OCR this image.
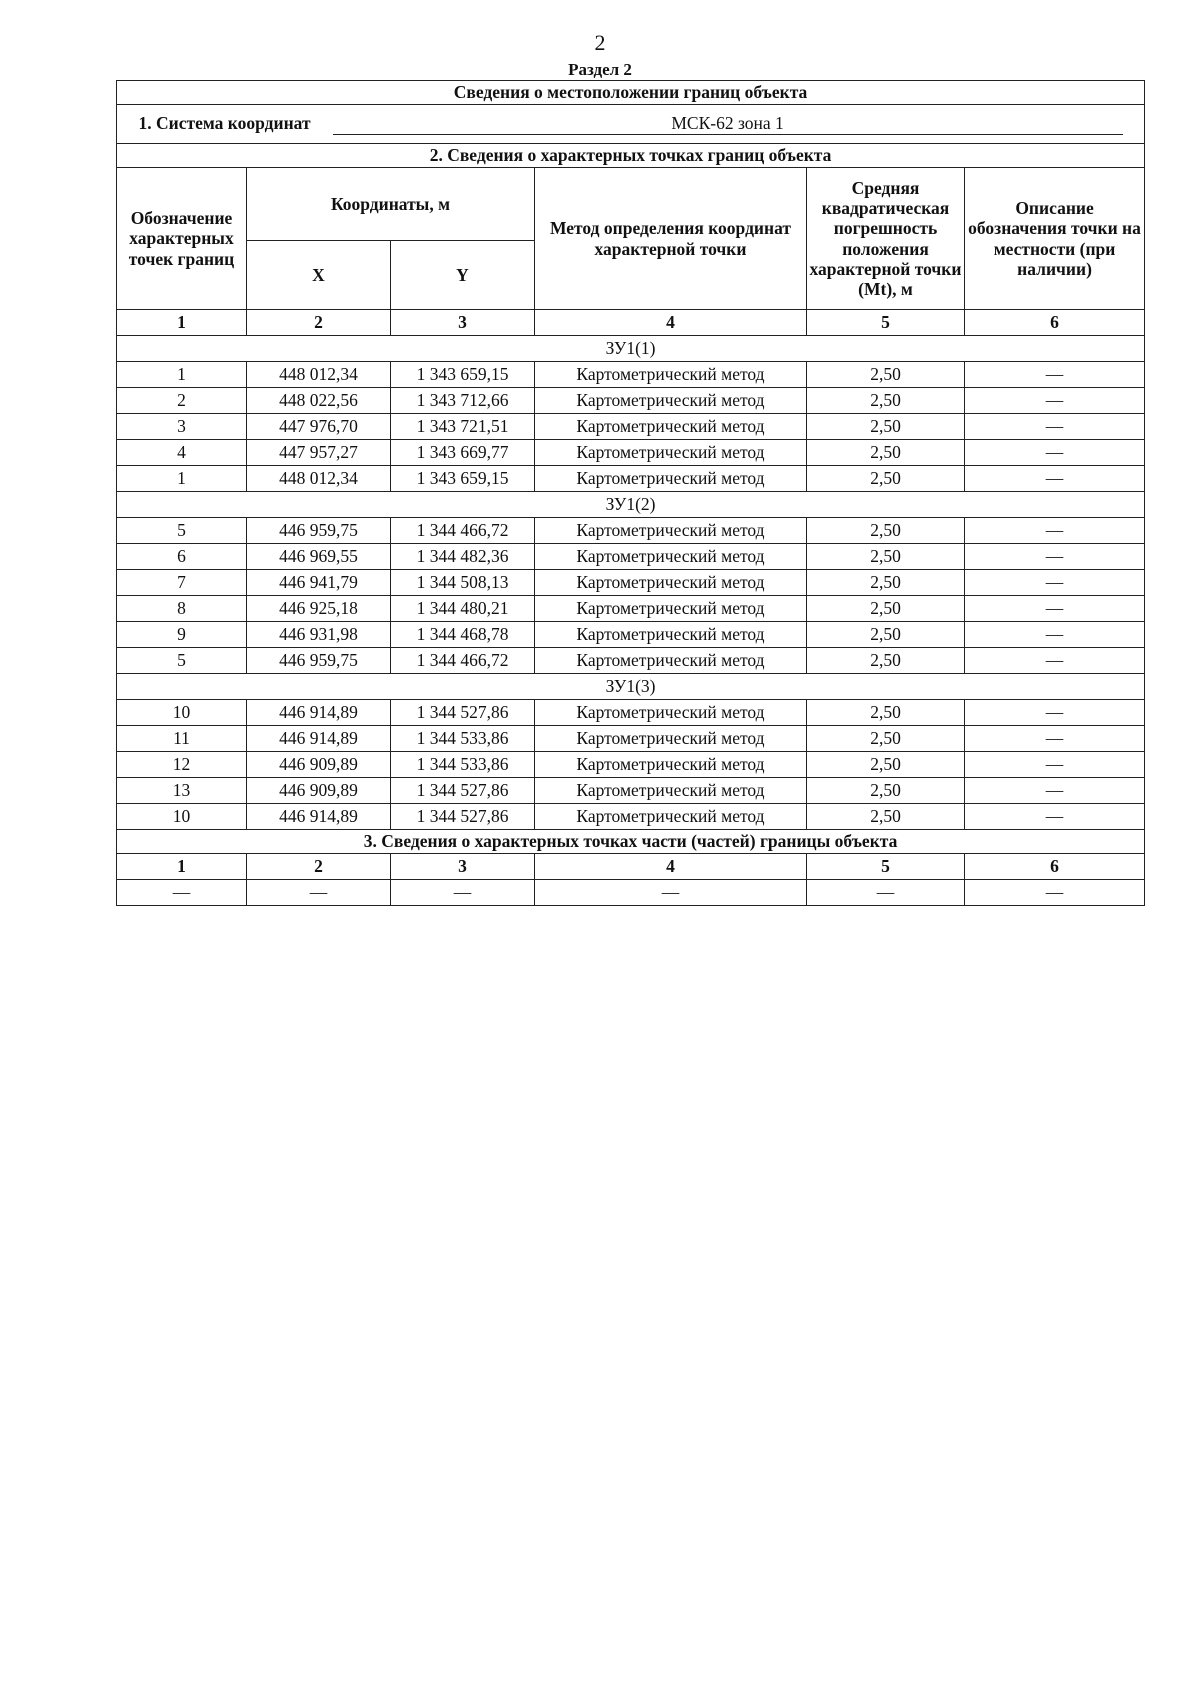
2
Раздел 2
Сведения о местоположении границ объекта					
1. Система координат МСК-62 зона 1					
2. Сведения о характерных точках границ объекта					
Обозначение характерных точек границ	Координаты, м		Метод определения координат характерной точки	Средняя квадратическая погрешность положения характерной точки (Mt), м	Описание обозначения точки на местности (при наличии)
	X	Y			
1	2	3	4	5	6
ЗУ1(1)					
1	448 012,34	1 343 659,15	Картометрический метод	2,50	—
2	448 022,56	1 343 712,66	Картометрический метод	2,50	—
3	447 976,70	1 343 721,51	Картометрический метод	2,50	—
4	447 957,27	1 343 669,77	Картометрический метод	2,50	—
1	448 012,34	1 343 659,15	Картометрический метод	2,50	—
ЗУ1(2)					
5	446 959,75	1 344 466,72	Картометрический метод	2,50	—
6	446 969,55	1 344 482,36	Картометрический метод	2,50	—
7	446 941,79	1 344 508,13	Картометрический метод	2,50	—
8	446 925,18	1 344 480,21	Картометрический метод	2,50	—
9	446 931,98	1 344 468,78	Картометрический метод	2,50	—
5	446 959,75	1 344 466,72	Картометрический метод	2,50	—
ЗУ1(3)					
10	446 914,89	1 344 527,86	Картометрический метод	2,50	—
11	446 914,89	1 344 533,86	Картометрический метод	2,50	—
12	446 909,89	1 344 533,86	Картометрический метод	2,50	—
13	446 909,89	1 344 527,86	Картометрический метод	2,50	—
10	446 914,89	1 344 527,86	Картометрический метод	2,50	—
3. Сведения о характерных точках части (частей) границы объекта					
1	2	3	4	5	6
—	—	—	—	—	—
